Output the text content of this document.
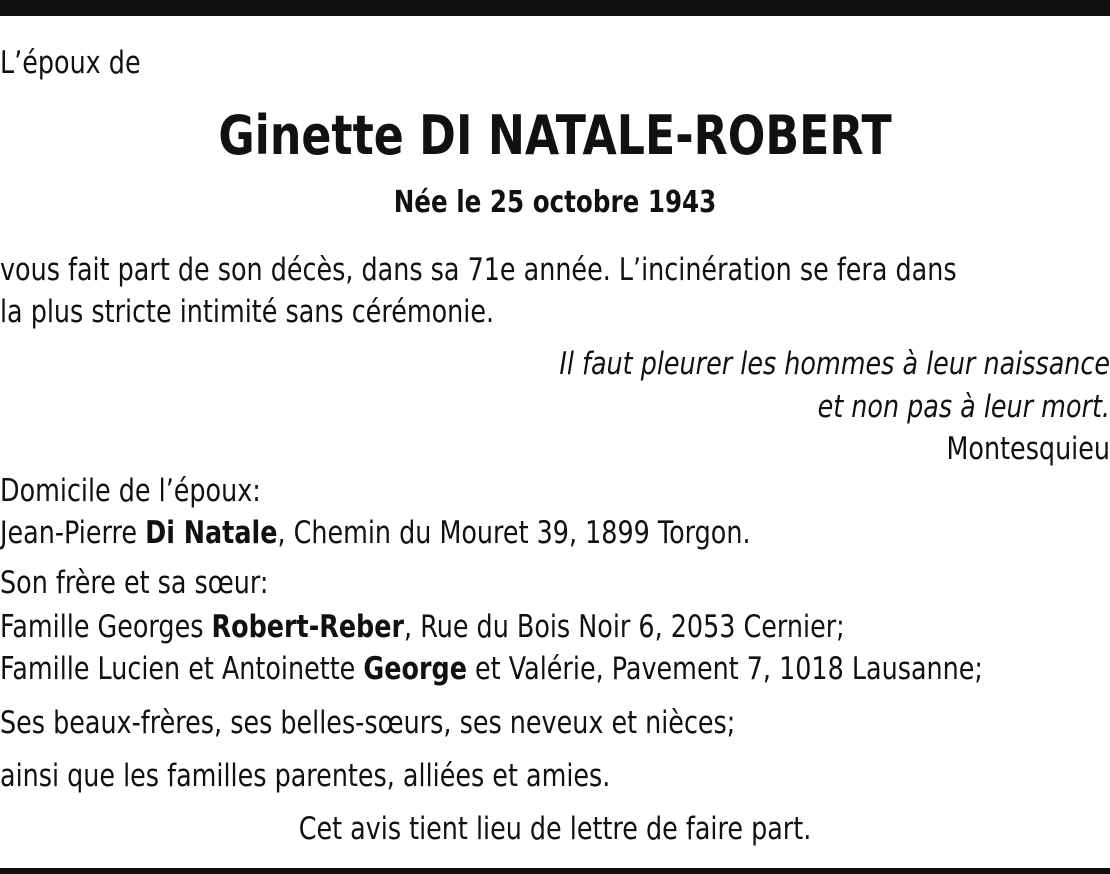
L’époux de
Ginette DI NATALE-ROBERT
Née le 25 octobre 1943
vous fait part de son décès, dans sa 71e année. L’incinération se fera dans
la plus stricte intimité sans cérémonie.
Il faut pleurer les hommes à leur naissance
et non pas à leur mort.
Montesquieu
Domicile de l’époux:
Jean-Pierre Di Natale, Chemin du Mouret 39, 1899 Torgon.
Son frère et sa sœur:
Famille Georges Robert-Reber, Rue du Bois Noir 6, 2053 Cernier;
Famille Lucien et Antoinette George et Valérie, Pavement 7, 1018 Lausanne;
Ses beaux-frères, ses belles-sœurs, ses neveux et nièces;
ainsi que les familles parentes, alliées et amies.
Cet avis tient lieu de lettre de faire part.
